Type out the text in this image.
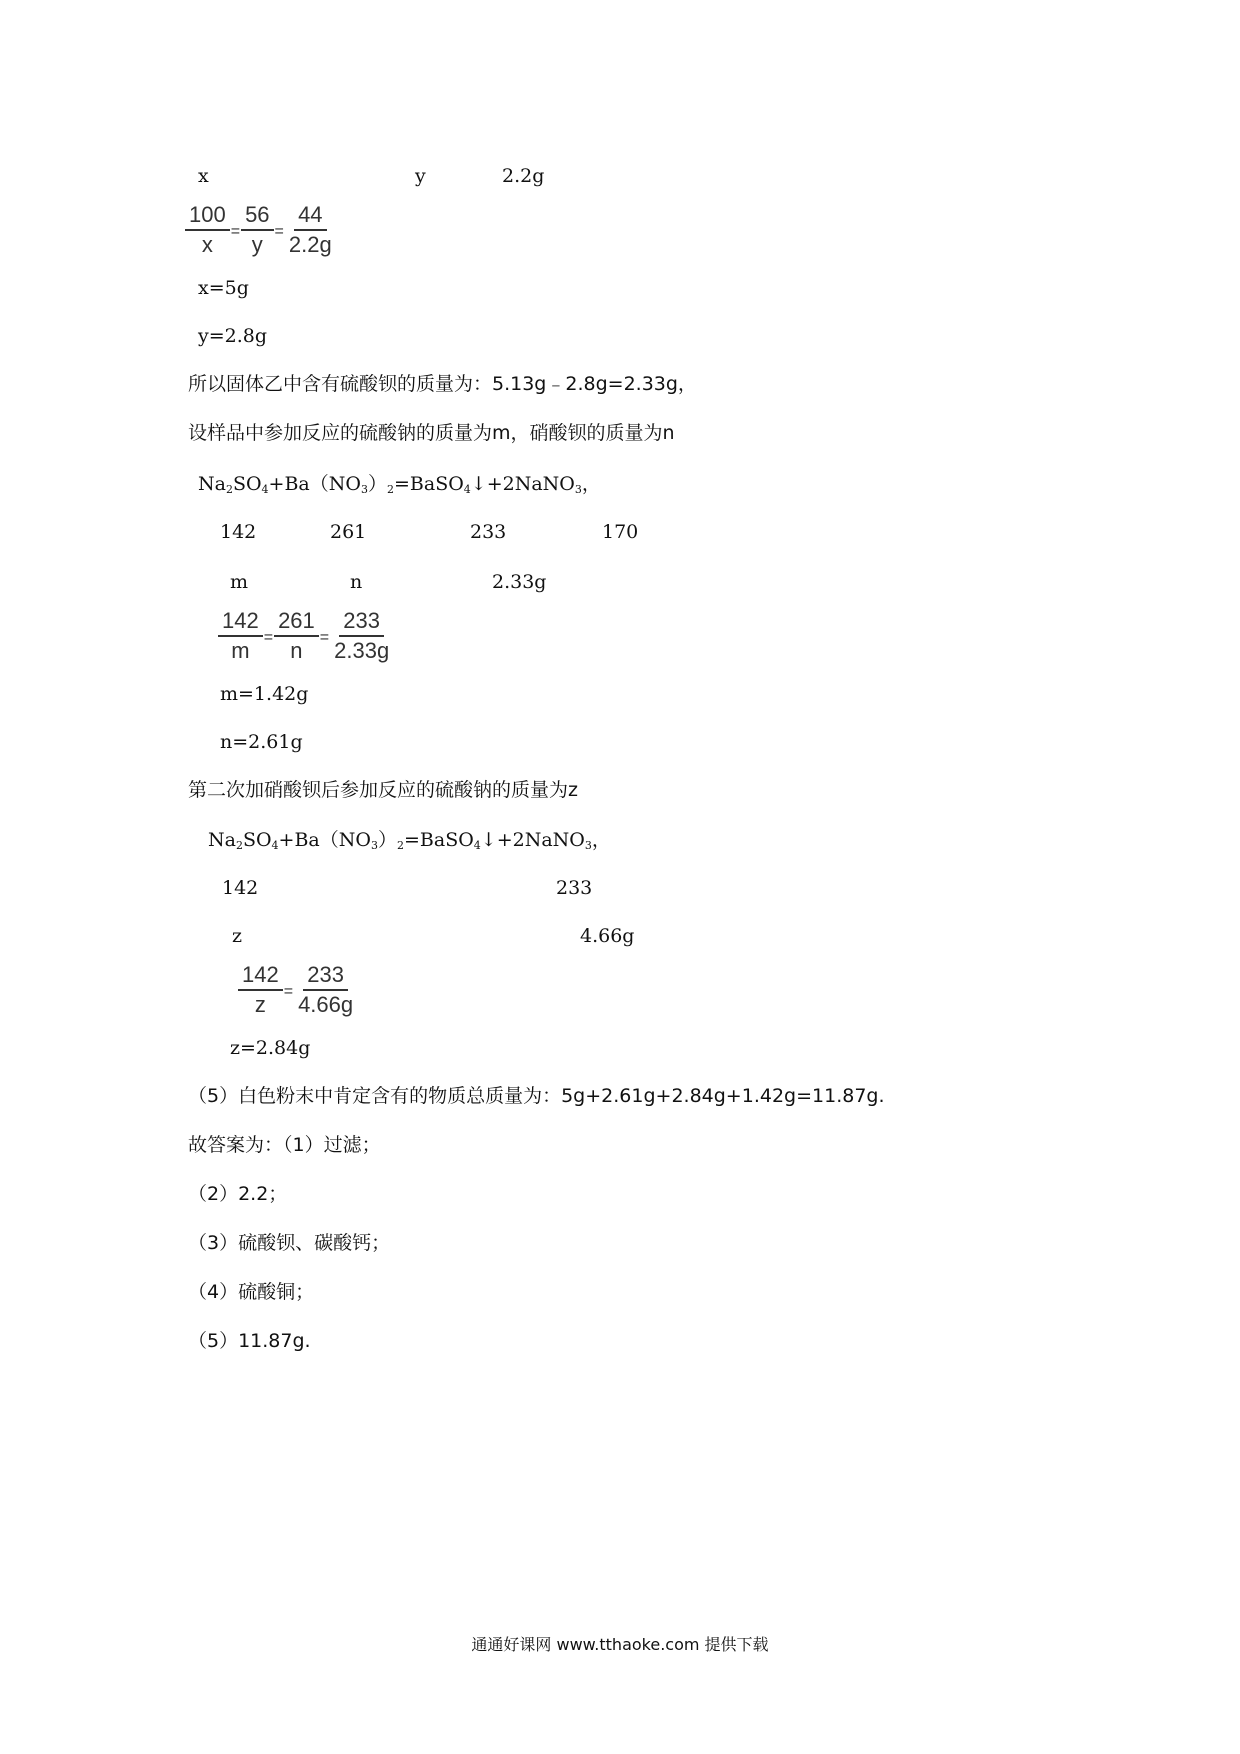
x	y	2.2g
$\frac{100}{x} = \frac{56}{y} = \frac{44}{2.2g}$
x=5g
y=2.8g
所以固体乙中含有硫酸钡的质量为：5.13g﹣2.8g=2.33g，
设样品中参加反应的硫酸钠的质量为m，硝酸钡的质量为n
$Na_2SO_4+Ba(NO_3)_2=BaSO_4↓+2NaNO_3$，
142	261	233	170
m	n	2.33g
$\frac{142}{m} = \frac{261}{n} = \frac{233}{2.33g}$
m=1.42g
n=2.61g
第二次加硝酸钡后参加反应的硫酸钠的质量为z
$Na_2SO_4+Ba(NO_3)_2=BaSO_4↓+2NaNO_3$，
142	233
z	4.66g
$\frac{142}{z} = \frac{233}{4.66g}$
z=2.84g
（5）白色粉末中肯定含有的物质总质量为：5g+2.61g+2.84g+1.42g=11.87g.
故答案为：（1）过滤；
（2）2.2；
（3）硫酸钡、碳酸钙；
（4）硫酸铜；
（5）11.87g.
通通好课网 www.tthaoke.com 提供下载
